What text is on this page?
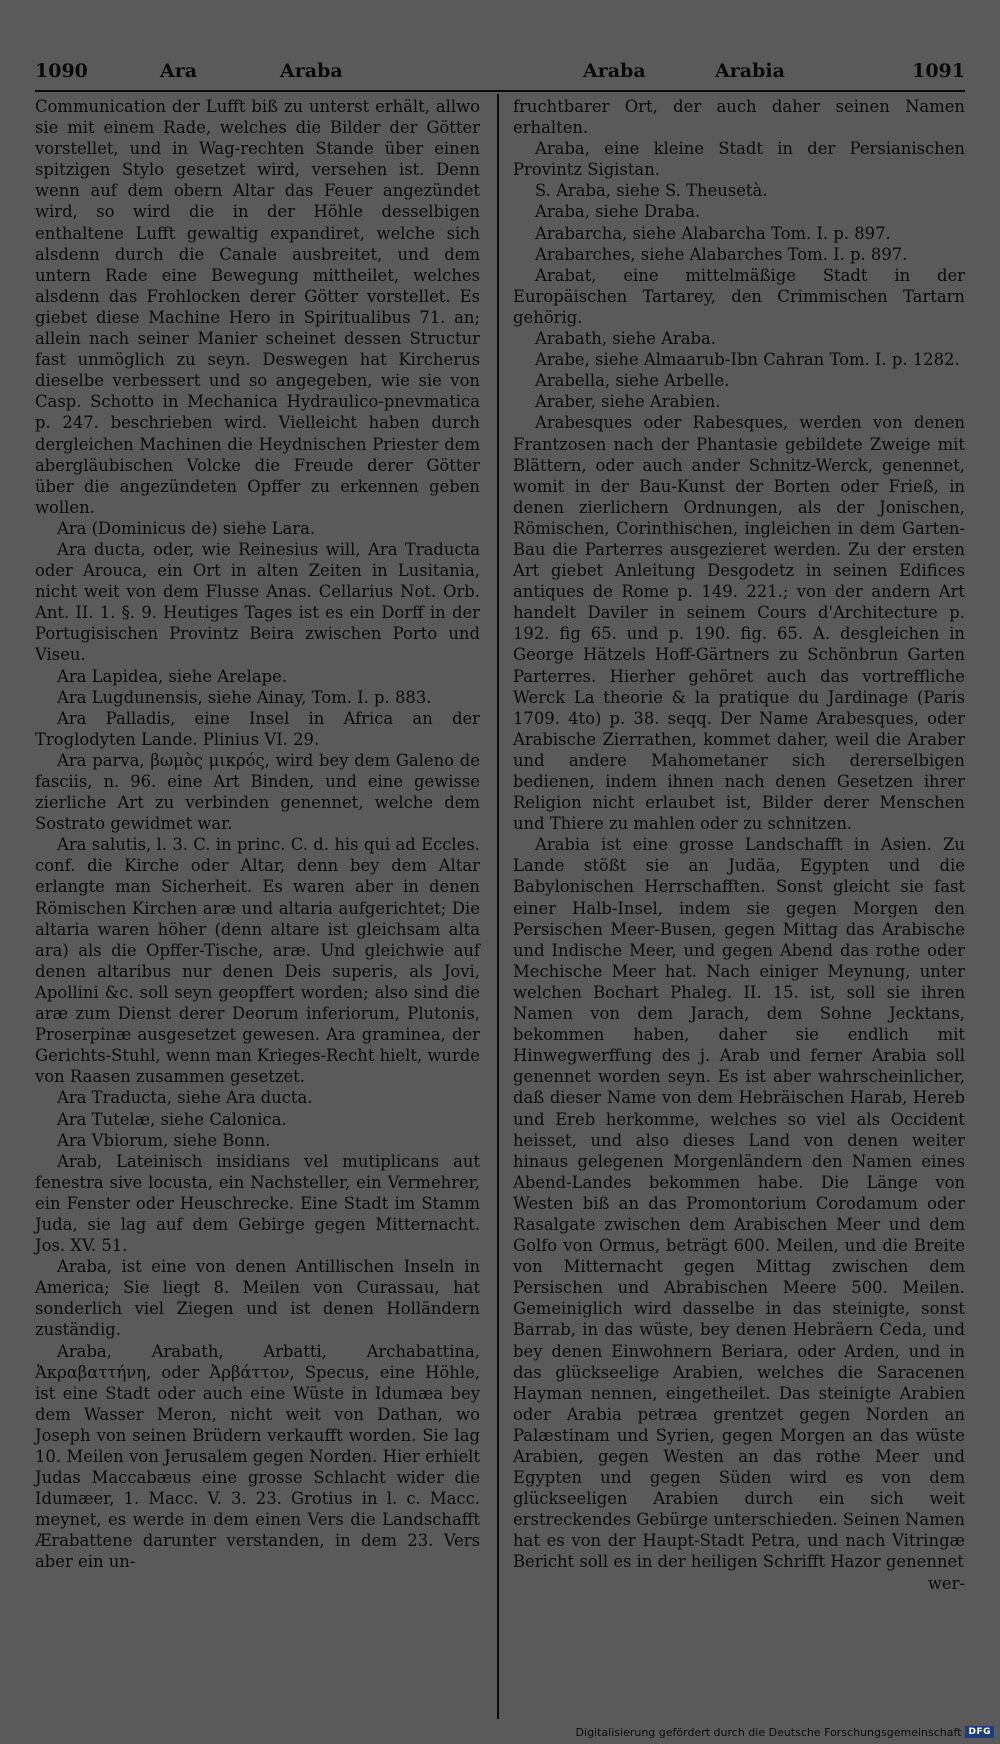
1090	Ara	Araba	Araba	Arabia	1091

Communication der Lufft biß zu unterst erhält, allwo sie mit einem Rade, welches die Bilder der Götter vorstellet, und in Wag-rechten Stande über einen spitzigen Stylo gesetzet wird, versehen ist. Denn wenn auf dem obern Altar das Feuer angezündet wird, so wird die in der Höhle desselbigen enthaltene Lufft gewaltig expandiret, welche sich alsdenn durch die Canale ausbreitet, und dem untern Rade eine Bewegung mittheilet, welches alsdenn das Frohlocken derer Götter vorstellet. Es giebet diese Machine Hero in Spiritualibus 71. an; allein nach seiner Manier scheinet dessen Structur fast unmöglich zu seyn. Deswegen hat Kircherus dieselbe verbessert und so angegeben, wie sie von Casp. Schotto in Mechanica Hydraulico-pnevmatica p. 247. beschrieben wird. Vielleicht haben durch dergleichen Machinen die Heydnischen Priester dem abergläubischen Volcke die Freude derer Götter über die angezündeten Opffer zu erkennen geben wollen.

Ara (Dominicus de) siehe Lara.

Ara ducta, oder, wie Reinesius will, Ara Traducta oder Arouca, ein Ort in alten Zeiten in Lusitania, nicht weit von dem Flusse Anas. Cellarius Not. Orb. Ant. II. 1. §. 9. Heutiges Tages ist es ein Dorff in der Portugisischen Provintz Beira zwischen Porto und Viseu.

Ara Lapidea, siehe Arelape.

Ara Lugdunensis, siehe Ainay, Tom. I. p. 883.

Ara Palladis, eine Insel in Africa an der Troglodyten Lande. Plinius VI. 29.

Ara parva, βωμὸς μικρός, wird bey dem Galeno de fasciis, n. 96. eine Art Binden, und eine gewisse zierliche Art zu verbinden genennet, welche dem Sostrato gewidmet war.

Ara salutis, l. 3. C. in princ. C. d. his qui ad Eccles. conf. die Kirche oder Altar, denn bey dem Altar erlangte man Sicherheit. Es waren aber in denen Römischen Kirchen aræ und altaria aufgerichtet; Die altaria waren höher (denn altare ist gleichsam alta ara) als die Opffer-Tische, aræ. Und gleichwie auf denen altaribus nur denen Deis superis, als Jovi, Apollini &c. soll seyn geopffert worden; also sind die aræ zum Dienst derer Deorum inferiorum, Plutonis, Proserpinæ ausgesetzet gewesen. Ara graminea, der Gerichts-Stuhl, wenn man Krieges-Recht hielt, wurde von Raasen zusammen gesetzet.

Ara Traducta, siehe Ara ducta.

Ara Tutelæ, siehe Calonica.

Ara Vbiorum, siehe Bonn.

Arab, Lateinisch insidians vel mutiplicans aut fenestra sive locusta, ein Nachsteller, ein Vermehrer, ein Fenster oder Heuschrecke. Eine Stadt im Stamm Juda, sie lag auf dem Gebirge gegen Mitternacht. Jos. XV. 51.

Araba, ist eine von denen Antillischen Inseln in America; Sie liegt 8. Meilen von Curassau, hat sonderlich viel Ziegen und ist denen Holländern zuständig.

Araba, Arabath, Arbatti, Archabattina, Ἀκραβαττήνη, oder Ἀρβάττον, Specus, eine Höhle, ist eine Stadt oder auch eine Wüste in Idumæa bey dem Wasser Meron, nicht weit von Dathan, wo Joseph von seinen Brüdern verkaufft worden. Sie lag 10. Meilen von Jerusalem gegen Norden. Hier erhielt Judas Maccabæus eine grosse Schlacht wider die Idumæer, 1. Macc. V. 3. 23. Grotius in l. c. Macc. meynet, es werde in dem einen Vers die Landschafft Ærabattene darunter verstanden, in dem 23. Vers aber ein un-

fruchtbarer Ort, der auch daher seinen Namen erhalten.

Araba, eine kleine Stadt in der Persianischen Provintz Sigistan.

S. Araba, siehe S. Theusetà.

Araba, siehe Draba.

Arabarcha, siehe Alabarcha Tom. I. p. 897.

Arabarches, siehe Alabarches Tom. I. p. 897.

Arabat, eine mittelmäßige Stadt in der Europäischen Tartarey, den Crimmischen Tartarn gehörig.

Arabath, siehe Araba.

Arabe, siehe Almaarub-Ibn Cahran Tom. I. p. 1282.

Arabella, siehe Arbelle.

Araber, siehe Arabien.

Arabesques oder Rabesques, werden von denen Frantzosen nach der Phantasie gebildete Zweige mit Blättern, oder auch ander Schnitz-Werck, genennet, womit in der Bau-Kunst der Borten oder Frieß, in denen zierlichern Ordnungen, als der Jonischen, Römischen, Corinthischen, ingleichen in dem Garten-Bau die Parterres ausgezieret werden. Zu der ersten Art giebet Anleitung Desgodetz in seinen Edifices antiques de Rome p. 149. 221.; von der andern Art handelt Daviler in seinem Cours d'Architecture p. 192. fig 65. und p. 190. fig. 65. A. desgleichen in George Hätzels Hoff-Gärtners zu Schönbrun Garten Parterres. Hierher gehöret auch das vortreffliche Werck La theorie & la pratique du Jardinage (Paris 1709. 4to) p. 38. seqq. Der Name Arabesques, oder Arabische Zierrathen, kommet daher, weil die Araber und andere Mahometaner sich dererselbigen bedienen, indem ihnen nach denen Gesetzen ihrer Religion nicht erlaubet ist, Bilder derer Menschen und Thiere zu mahlen oder zu schnitzen.

Arabia ist eine grosse Landschafft in Asien. Zu Lande stößt sie an Judäa, Egypten und die Babylonischen Herrschafften. Sonst gleicht sie fast einer Halb-Insel, indem sie gegen Morgen den Persischen Meer-Busen, gegen Mittag das Arabische und Indische Meer, und gegen Abend das rothe oder Mechische Meer hat. Nach einiger Meynung, unter welchen Bochart Phaleg. II. 15. ist, soll sie ihren Namen von dem Jarach, dem Sohne Jecktans, bekommen haben, daher sie endlich mit Hinwegwerffung des j. Arab und ferner Arabia soll genennet worden seyn. Es ist aber wahrscheinlicher, daß dieser Name von dem Hebräischen Harab, Hereb und Ereb herkomme, welches so viel als Occident heisset, und also dieses Land von denen weiter hinaus gelegenen Morgenländern den Namen eines Abend-Landes bekommen habe. Die Länge von Westen biß an das Promontorium Corodamum oder Rasalgate zwischen dem Arabischen Meer und dem Golfo von Ormus, beträgt 600. Meilen, und die Breite von Mitternacht gegen Mittag zwischen dem Persischen und Abrabischen Meere 500. Meilen. Gemeiniglich wird dasselbe in das steinigte, sonst Barrab, in das wüste, bey denen Hebräern Ceda, und bey denen Einwohnern Beriara, oder Arden, und in das glückseelige Arabien, welches die Saracenen Hayman nennen, eingetheilet. Das steinigte Arabien oder Arabia petræa grentzet gegen Norden an Palæstinam und Syrien, gegen Morgen an das wüste Arabien, gegen Westen an das rothe Meer und Egypten und gegen Süden wird es von dem glückseeligen Arabien durch ein sich weit erstreckendes Gebürge unterschieden. Seinen Namen hat es von der Haupt-Stadt Petra, und nach Vitringæ Bericht soll es in der heiligen Schrifft Hazor genennet

wer-

Digitalisierung gefördert durch die Deutsche Forschungsgemeinschaft DFG
